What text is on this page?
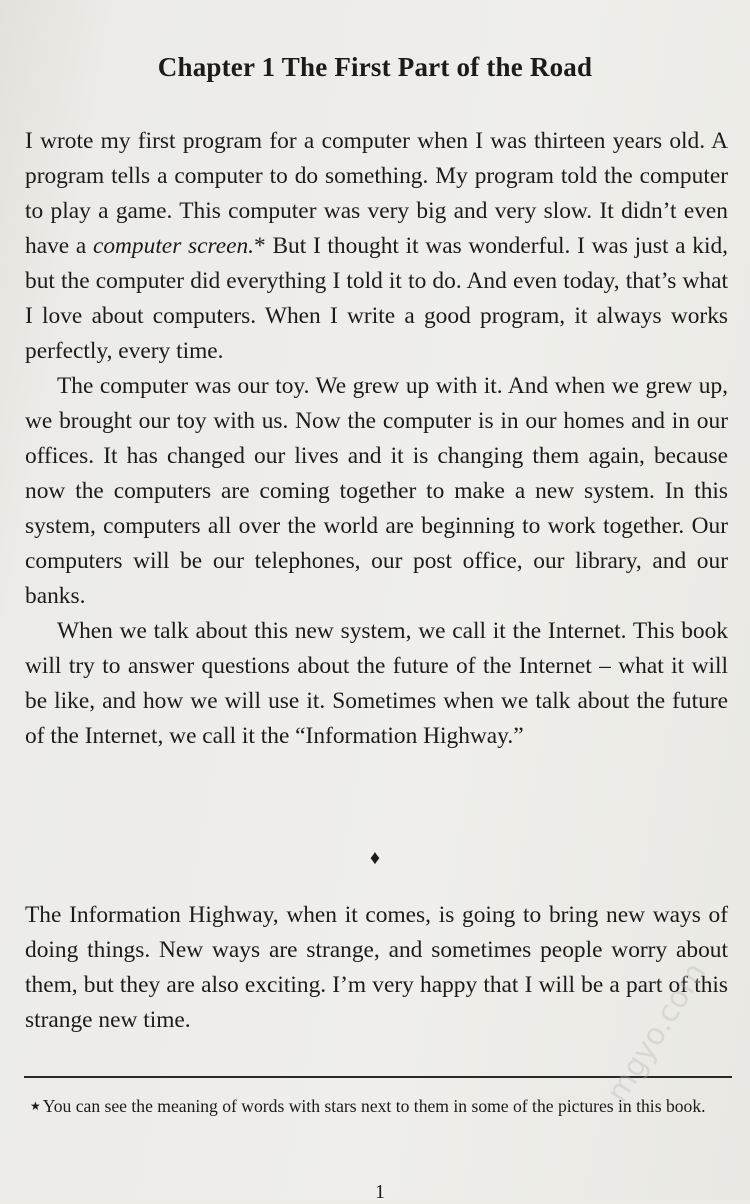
Chapter 1 The First Part of the Road

I wrote my first program for a computer when I was thirteen years old. A program tells a computer to do something. My program told the computer to play a game. This computer was very big and very slow. It didn’t even have a computer screen.* But I thought it was wonderful. I was just a kid, but the computer did everything I told it to do. And even today, that’s what I love about computers. When I write a good program, it always works perfectly, every time.

The computer was our toy. We grew up with it. And when we grew up, we brought our toy with us. Now the computer is in our homes and in our offices. It has changed our lives and it is changing them again, because now the computers are coming together to make a new system. In this system, computers all over the world are beginning to work together. Our computers will be our telephones, our post office, our library, and our banks.

When we talk about this new system, we call it the Internet. This book will try to answer questions about the future of the Internet – what it will be like, and how we will use it. Sometimes when we talk about the future of the Internet, we call it the “Information Highway.”

♦

The Information Highway, when it comes, is going to bring new ways of doing things. New ways are strange, and sometimes people worry about them, but they are also exciting. I’m very happy that I will be a part of this strange new time.

★ You can see the meaning of words with stars next to them in some of the pictures in this book.
1
mgyo.com
